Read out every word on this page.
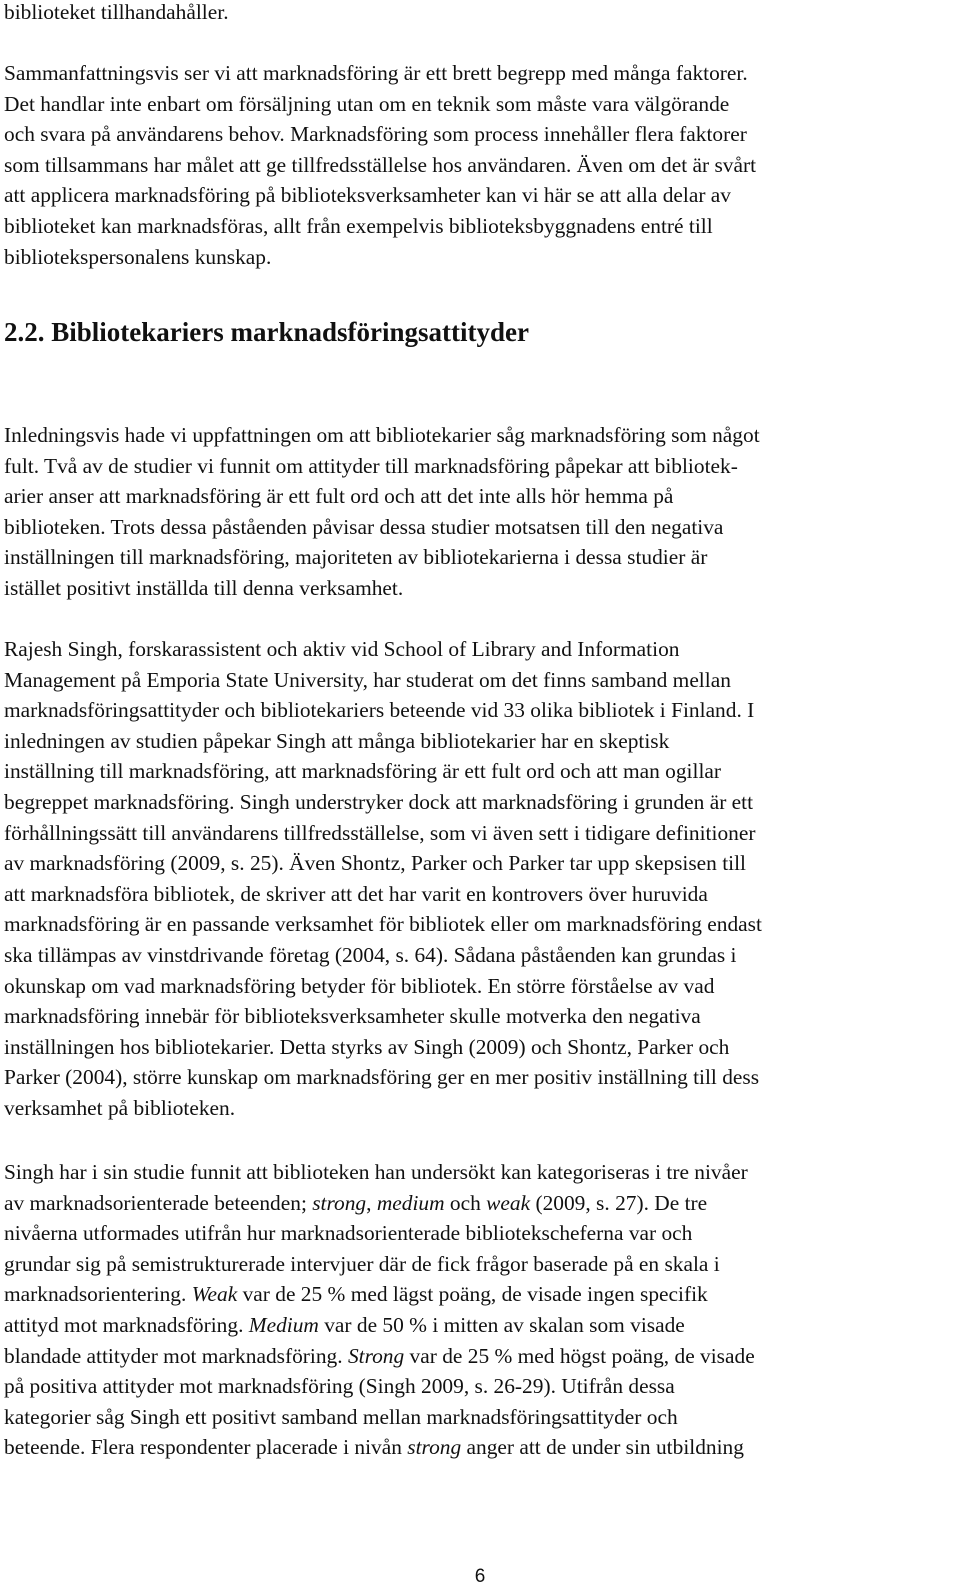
biblioteket tillhandahåller.

Sammanfattningsvis ser vi att marknadsföring är ett brett begrepp med många faktorer.
Det handlar inte enbart om försäljning utan om en teknik som måste vara välgörande
och svara på användarens behov. Marknadsföring som process innehåller flera faktorer
som tillsammans har målet att ge tillfredsställelse hos användaren. Även om det är svårt
att applicera marknadsföring på biblioteksverksamheter kan vi här se att alla delar av
biblioteket kan marknadsföras, allt från exempelvis biblioteksbyggnadens entré till
bibliotekspersonalens kunskap.

2.2. Bibliotekariers marknadsföringsattityder

Inledningsvis hade vi uppfattningen om att bibliotekarier såg marknadsföring som något
fult. Två av de studier vi funnit om attityder till marknadsföring påpekar att bibliotek-
arier anser att marknadsföring är ett fult ord och att det inte alls hör hemma på
biblioteken. Trots dessa påståenden påvisar dessa studier motsatsen till den negativa
inställningen till marknadsföring, majoriteten av bibliotekarierna i dessa studier är
istället positivt inställda till denna verksamhet.

Rajesh Singh, forskarassistent och aktiv vid School of Library and Information
Management på Emporia State University, har studerat om det finns samband mellan
marknadsföringsattityder och bibliotekariers beteende vid 33 olika bibliotek i Finland. I
inledningen av studien påpekar Singh att många bibliotekarier har en skeptisk
inställning till marknadsföring, att marknadsföring är ett fult ord och att man ogillar
begreppet marknadsföring. Singh understryker dock att marknadsföring i grunden är ett
förhållningssätt till användarens tillfredsställelse, som vi även sett i tidigare definitioner
av marknadsföring (2009, s. 25). Även Shontz, Parker och Parker tar upp skepsisen till
att marknadsföra bibliotek, de skriver att det har varit en kontrovers över huruvida
marknadsföring är en passande verksamhet för bibliotek eller om marknadsföring endast
ska tillämpas av vinstdrivande företag (2004, s. 64). Sådana påståenden kan grundas i
okunskap om vad marknadsföring betyder för bibliotek. En större förståelse av vad
marknadsföring innebär för biblioteksverksamheter skulle motverka den negativa
inställningen hos bibliotekarier. Detta styrks av Singh (2009) och Shontz, Parker och
Parker (2004), större kunskap om marknadsföring ger en mer positiv inställning till dess
verksamhet på biblioteken.

Singh har i sin studie funnit att biblioteken han undersökt kan kategoriseras i tre nivåer
av marknadsorienterade beteenden; strong, medium och weak (2009, s. 27). De tre
nivåerna utformades utifrån hur marknadsorienterade bibliotekscheferna var och
grundar sig på semistrukturerade intervjuer där de fick frågor baserade på en skala i
marknadsorientering. Weak var de 25 % med lägst poäng, de visade ingen specifik
attityd mot marknadsföring. Medium var de 50 % i mitten av skalan som visade
blandade attityder mot marknadsföring. Strong var de 25 % med högst poäng, de visade
på positiva attityder mot marknadsföring (Singh 2009, s. 26-29). Utifrån dessa
kategorier såg Singh ett positivt samband mellan marknadsföringsattityder och
beteende. Flera respondenter placerade i nivån strong anger att de under sin utbildning

6
